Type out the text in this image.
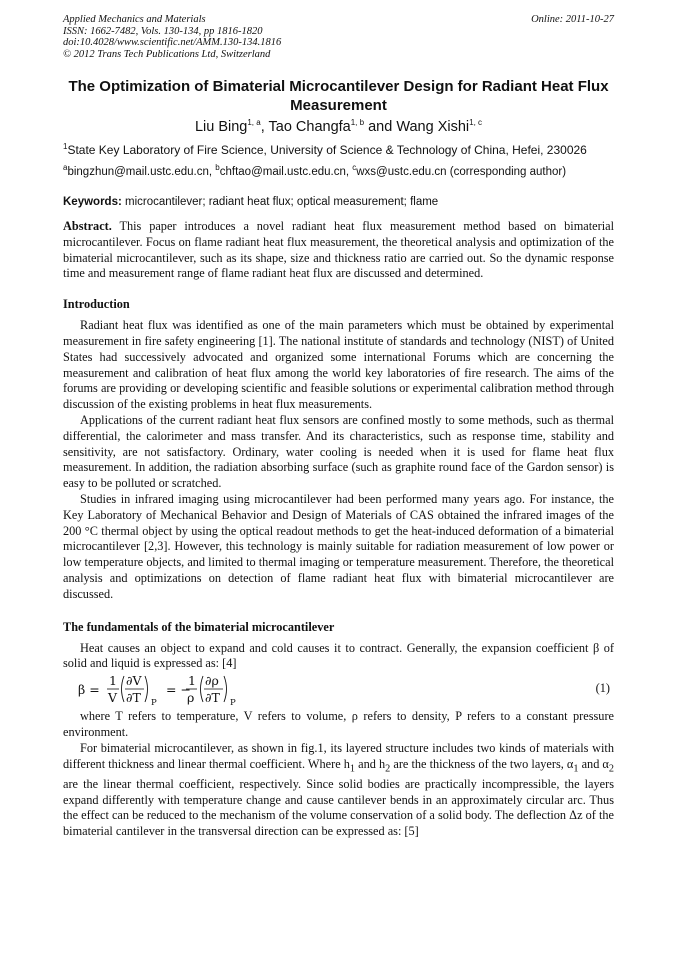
Applied Mechanics and Materials	Online: 2011-10-27
ISSN: 1662-7482, Vols. 130-134, pp 1816-1820
doi:10.4028/www.scientific.net/AMM.130-134.1816
© 2012 Trans Tech Publications Ltd, Switzerland
The Optimization of Bimaterial Microcantilever Design for Radiant Heat Flux Measurement
Liu Bing$^{1, a}$, Tao Changfa$^{1, b}$ and Wang Xishi$^{1, c}$
$^1$State Key Laboratory of Fire Science, University of Science & Technology of China, Hefei, 230026
$^a$bingzhun@mail.ustc.edu.cn, $^b$chftao@mail.ustc.edu.cn, $^c$wxs@ustc.edu.cn (corresponding author)
Keywords: microcantilever; radiant heat flux; optical measurement; flame
Abstract. This paper introduces a novel radiant heat flux measurement method based on bimaterial microcantilever. Focus on flame radiant heat flux measurement, the theoretical analysis and optimization of the bimaterial microcantilever, such as its shape, size and thickness ratio are carried out. So the dynamic response time and measurement range of flame radiant heat flux are discussed and determined.
Introduction

Radiant heat flux was identified as one of the main parameters which must be obtained by experimental measurement in fire safety engineering [1]. The national institute of standards and technology (NIST) of United States had successively advocated and organized some international Forums which are concerning the measurement and calibration of heat flux among the world key laboratories of fire research. The aims of the forums are providing or developing scientific and feasible solutions or experimental calibration method through discussion of the existing problems in heat flux measurements.

Applications of the current radiant heat flux sensors are confined mostly to some methods, such as thermal differential, the calorimeter and mass transfer. And its characteristics, such as response time, stability and sensitivity, are not satisfactory. Ordinary, water cooling is needed when it is used for flame heat flux measurement. In addition, the radiation absorbing surface (such as graphite round face of the Gardon sensor) is easy to be polluted or scratched.

Studies in infrared imaging using microcantilever had been performed many years ago. For instance, the Key Laboratory of Mechanical Behavior and Design of Materials of CAS obtained the infrared images of the 200 °C thermal object by using the optical readout methods to get the heat-induced deformation of a bimaterial microcantilever [2,3]. However, this technology is mainly suitable for radiation measurement of low power or low temperature objects, and limited to thermal imaging or temperature measurement. Therefore, the theoretical analysis and optimizations on detection of flame radiant heat flux with bimaterial microcantilever are discussed.

The fundamentals of the bimaterial microcantilever

Heat causes an object to expand and cold causes it to contract. Generally, the expansion coefficient β of solid and liquid is expressed as: [4]

β =
1
V
∂V
∂T P
= −
1
ρ
∂ρ
∂T P
(1)

where T refers to temperature, V refers to volume, ρ refers to density, P refers to a constant pressure environment.

For bimaterial microcantilever, as shown in fig.1, its layered structure includes two kinds of materials with different thickness and linear thermal coefficient. Where $h_1$ and $h_2$ are the thickness of the two layers, $\alpha_1$ and $\alpha_2$ are the linear thermal coefficient, respectively. Since solid bodies are practically incompressible, the layers expand differently with temperature change and cause cantilever bends in an approximately circular arc. Thus the effect can be reduced to the mechanism of the volume conservation of a solid body. The deflection Δz of the bimaterial cantilever in the transversal direction can be expressed as: [5]
